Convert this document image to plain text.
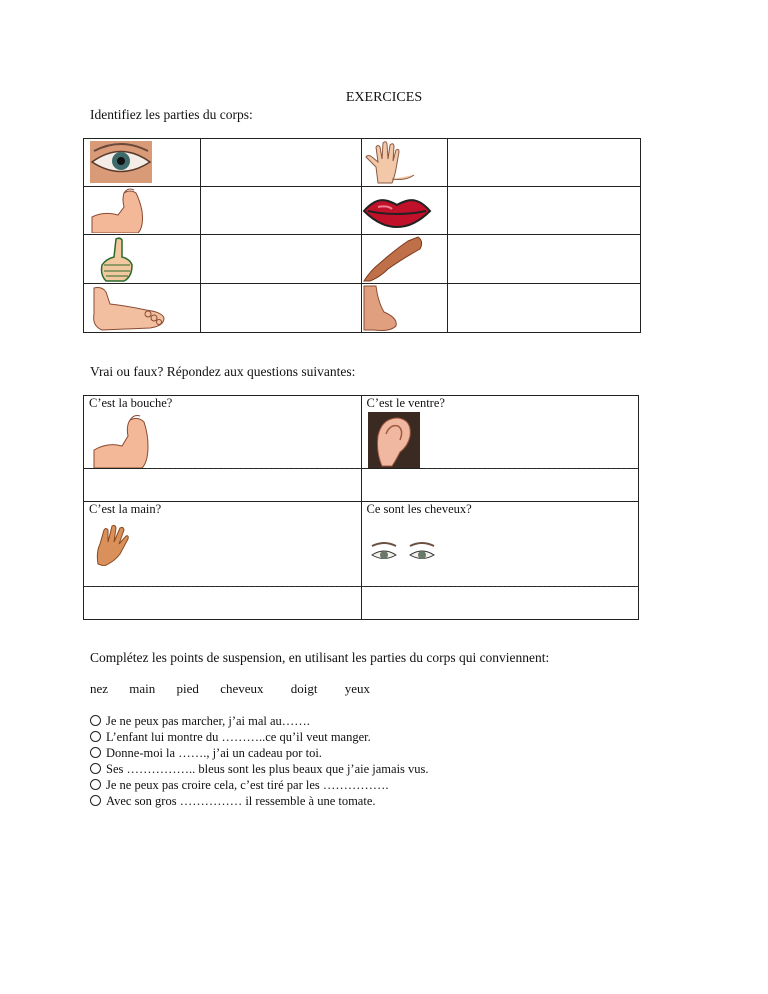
EXERCICES
Identifiez les parties du corps:

Vrai ou faux? Répondez aux questions suivantes:
C’est la bouche?	C’est le ventre?

C’est la main?	Ce sont les cheveux?

Complétez les points de suspension, en utilisant les parties du corps qui conviennent:
nez main pied cheveux doigt yeux
Je ne peux pas marcher, j’ai mal au…….
L’enfant lui montre du ………..ce qu’il veut manger.
Donne-moi la ……., j’ai un cadeau por toi.
Ses …………….. bleus sont les plus beaux que j’aie jamais vus.
Je ne peux pas croire cela, c’est tiré par les …………….
Avec son gros …………… il ressemble à une tomate.
